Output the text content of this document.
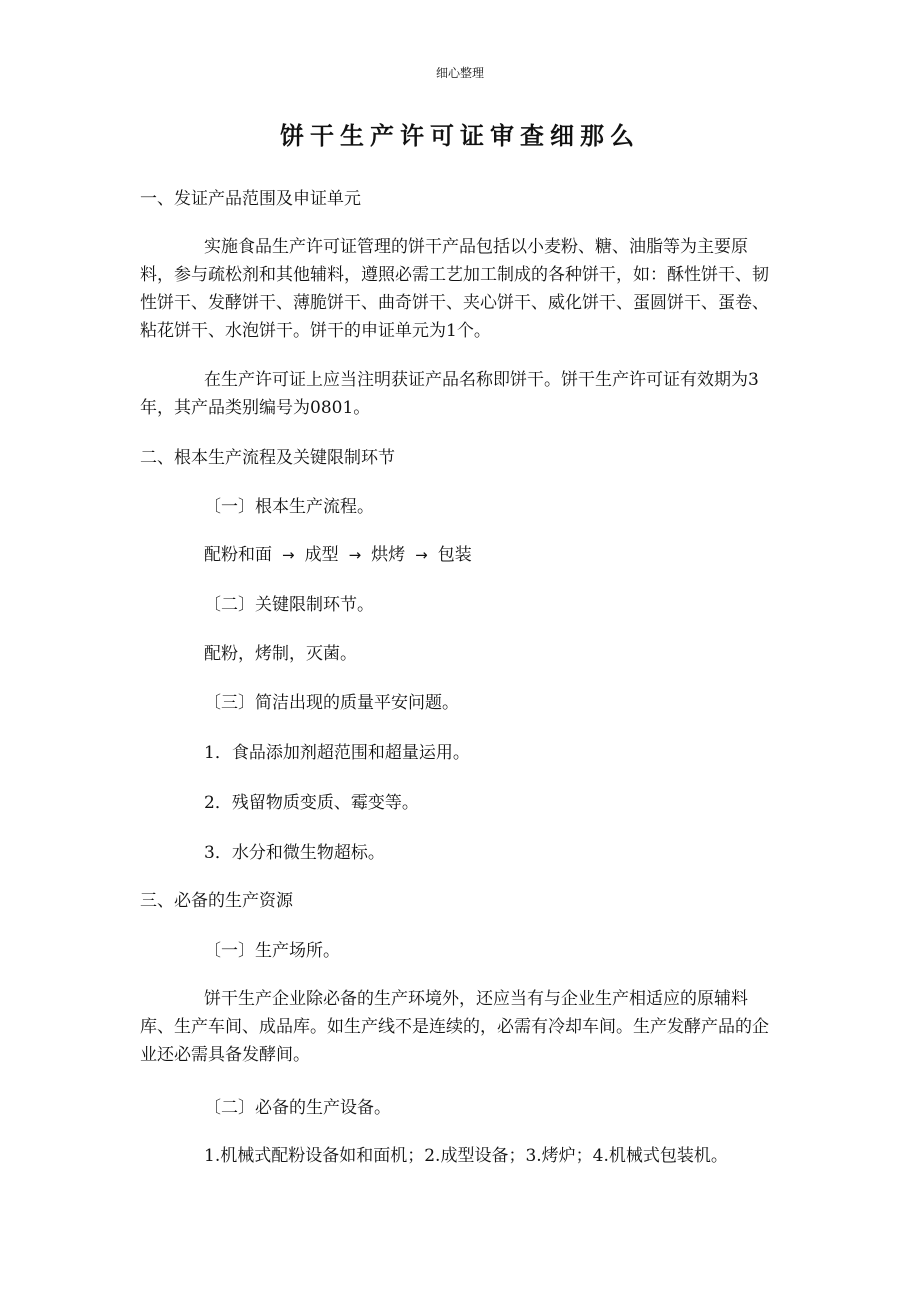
细心整理
饼干生产许可证审查细那么

一、发证产品范围及申证单元

实施食品生产许可证管理的饼干产品包括以小麦粉、糖、油脂等为主要原料，参与疏松剂和其他辅料，遵照必需工艺加工制成的各种饼干，如：酥性饼干、韧性饼干、发酵饼干、薄脆饼干、曲奇饼干、夹心饼干、威化饼干、蛋圆饼干、蛋卷、粘花饼干、水泡饼干。饼干的申证单元为1个。

在生产许可证上应当注明获证产品名称即饼干。饼干生产许可证有效期为3年，其产品类别编号为0801。

二、根本生产流程及关键限制环节

〔一〕根本生产流程。

配粉和面 → 成型 → 烘烤 → 包装

〔二〕关键限制环节。

配粉，烤制，灭菌。

〔三〕简洁出现的质量平安问题。

1．食品添加剂超范围和超量运用。

2．残留物质变质、霉变等。

3．水分和微生物超标。

三、必备的生产资源

〔一〕生产场所。

饼干生产企业除必备的生产环境外，还应当有与企业生产相适应的原辅料库、生产车间、成品库。如生产线不是连续的，必需有冷却车间。生产发酵产品的企业还必需具备发酵间。

〔二〕必备的生产设备。

1.机械式配粉设备如和面机；2.成型设备；3.烤炉；4.机械式包装机。
